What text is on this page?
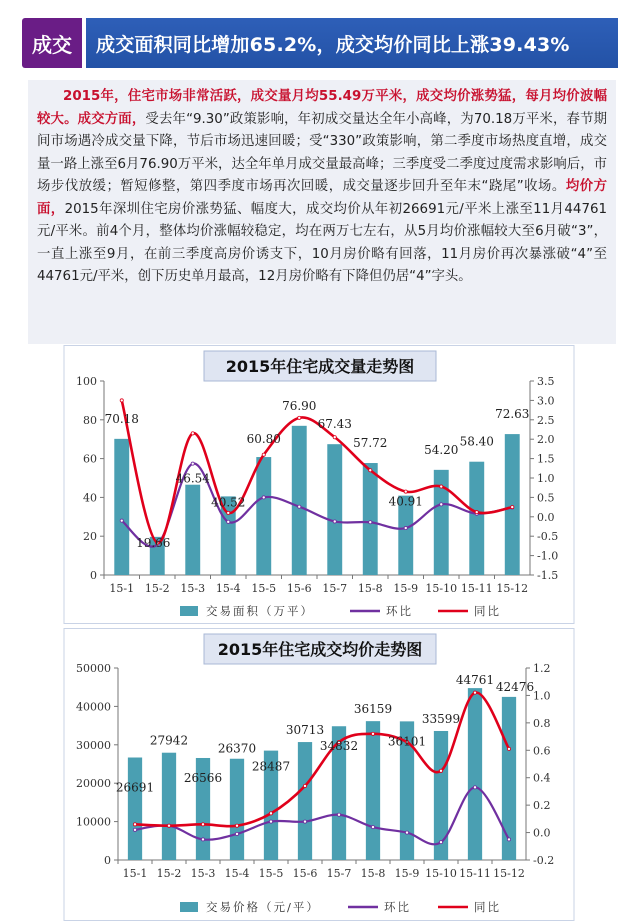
成交	成交面积同比增加65.2%，成交均价同比上涨39.43%
2015年，住宅市场非常活跃，成交量月均55.49万平米，成交均价涨势猛，每月均价波幅较大。成交方面，受去年“9.30”政策影响，年初成交量达全年小高峰，为70.18万平米，春节期间市场遇冷成交量下降，节后市场迅速回暖；受“330”政策影响，第二季度市场热度直增，成交量一路上涨至6月76.90万平米，达全年单月成交量最高峰；三季度受二季度过度需求影响后，市场步伐放缓；暂短修整，第四季度市场再次回暖，成交量逐步回升至年末“跷尾”收场。均价方面，2015年深圳住宅房价涨势猛、幅度大，成交均价从年初26691元/平米上涨至11月44761元/平米。前4个月，整体均价涨幅较稳定，均在两万七左右，从5月均价涨幅较大至6月破“3”，一直上涨至9月，在前三季度高房价诱支下，10月房价略有回落，11月房价再次暴涨破“4”至44761元/平米，创下历史单月最高，12月房价略有下降但仍居“4”字头。
2015年住宅成交量走势图
0
20
40
60
80
100
-1.5
-1.0
-0.5
0.0
0.5
1.0
1.5
2.0
2.5
3.0
3.5
15-1 15-2 15-3 15-4 15-5 15-6 15-7 15-8 15-9 15-10 15-11 15-12
70.18
19.66
46.54
40.52
60.80
76.90
67.43
57.72
40.91
54.20
58.40
72.63
交易面积（万平）	环比	同比
2015年住宅成交均价走势图
0
10000
20000
30000
40000
50000
-0.2
0.0
0.2
0.4
0.6
0.8
1.0
1.2
15-1 15-2 15-3 15-4 15-5 15-6 15-7 15-8 15-9 15-10 15-11 15-12
26691
27942
26566
26370
28487
30713
34832
36159
36101
33599
44761 42476
交易价格（元/平）	环比	同比
